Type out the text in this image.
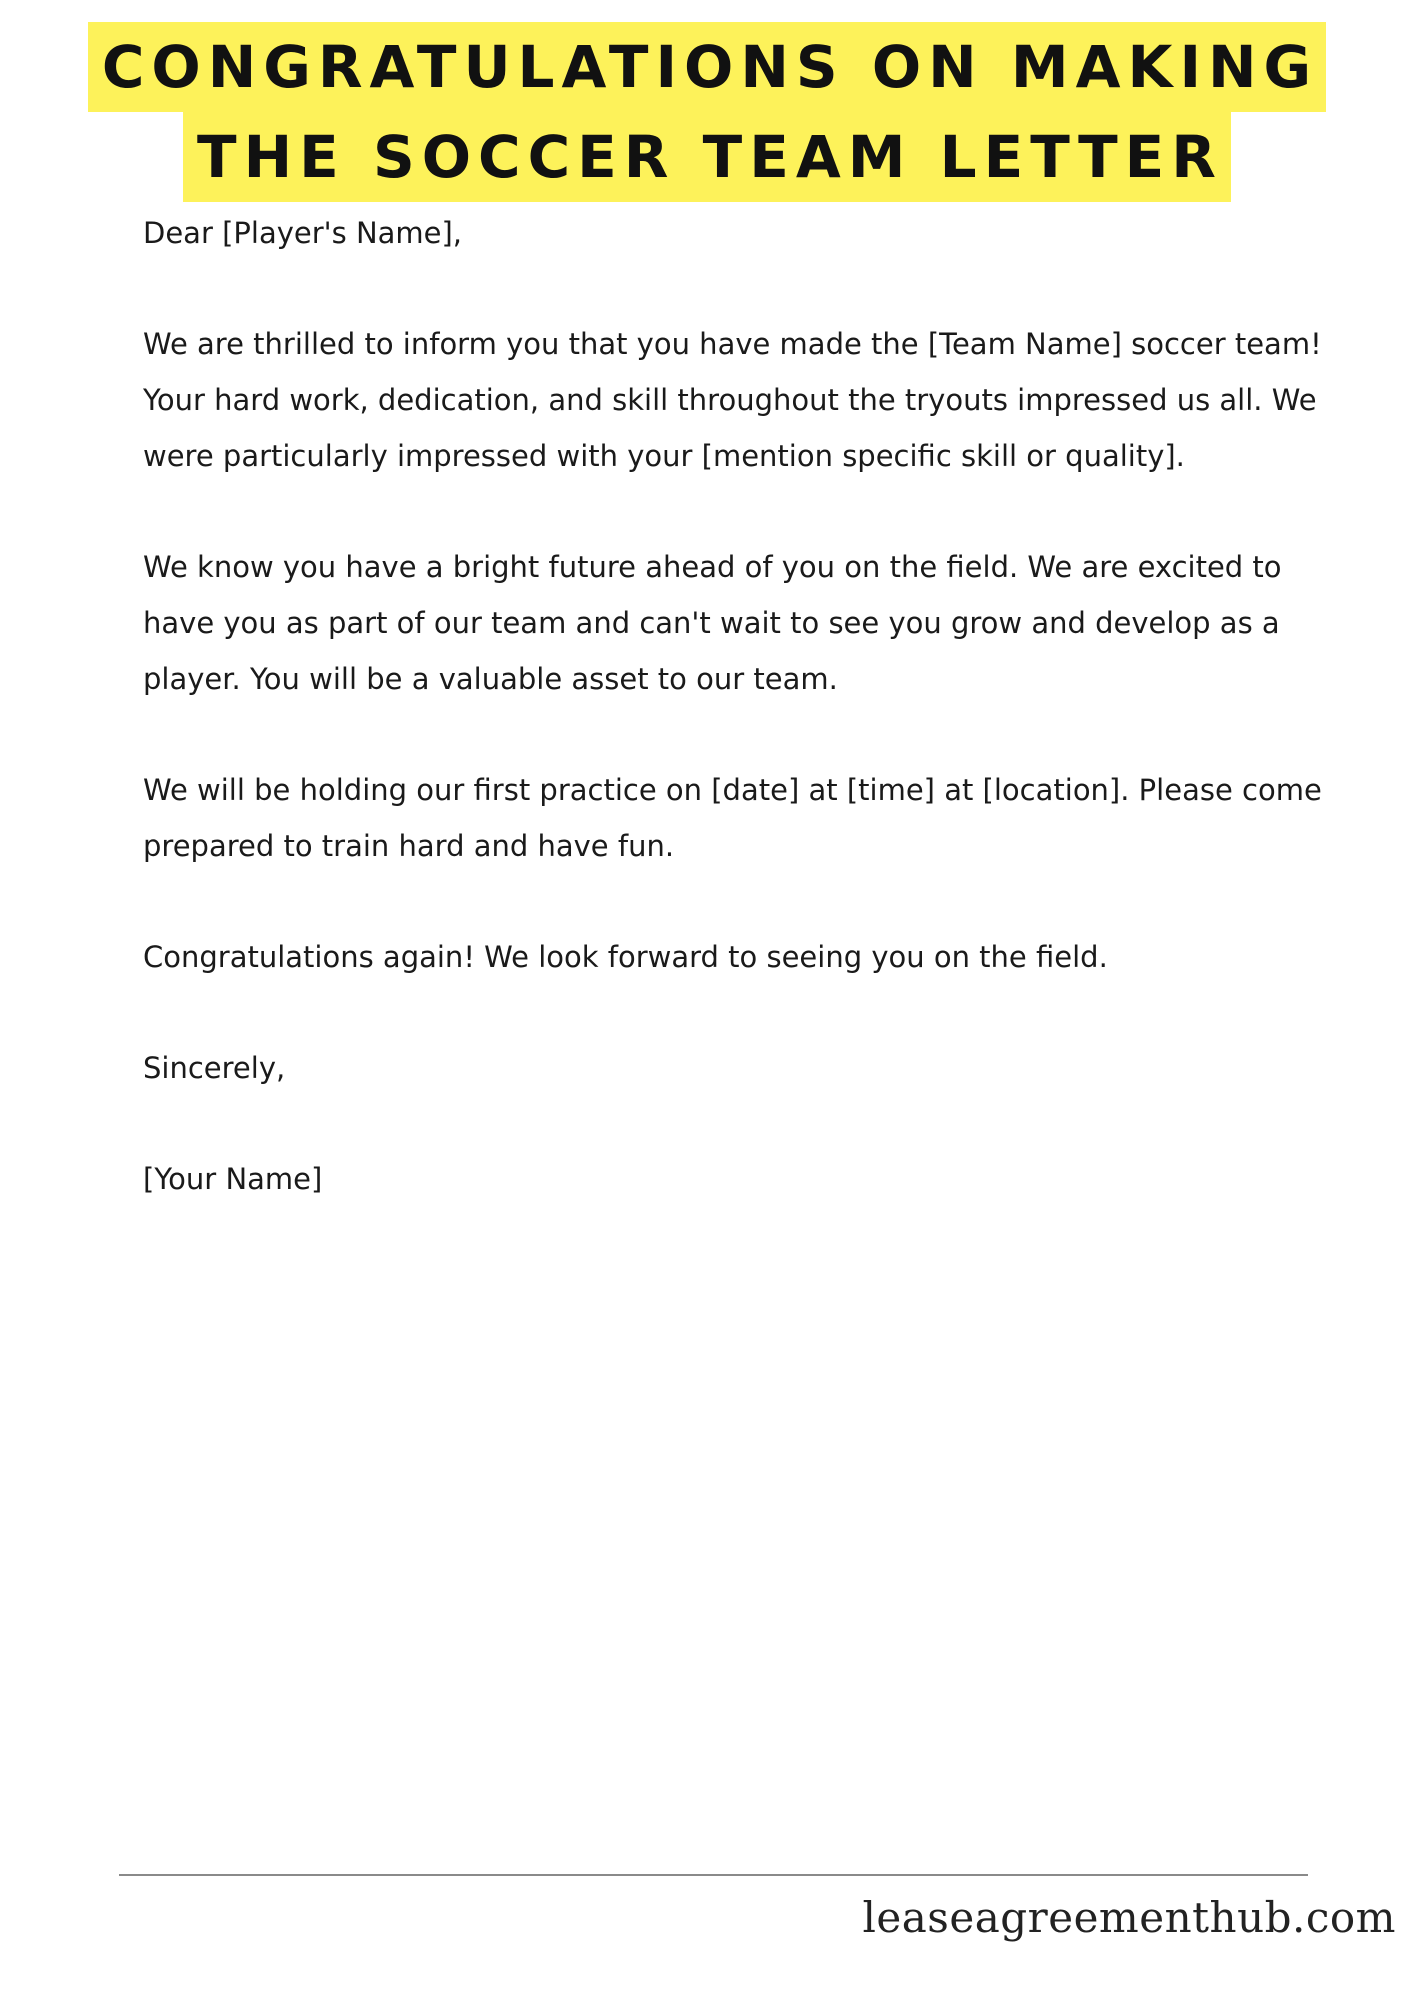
CONGRATULATIONS ON MAKING
THE SOCCER TEAM LETTER

Dear [Player's Name],

We are thrilled to inform you that you have made the [Team Name] soccer team! Your hard work, dedication, and skill throughout the tryouts impressed us all. We were particularly impressed with your [mention specific skill or quality].

We know you have a bright future ahead of you on the field. We are excited to have you as part of our team and can't wait to see you grow and develop as a player. You will be a valuable asset to our team.

We will be holding our first practice on [date] at [time] at [location]. Please come prepared to train hard and have fun.

Congratulations again! We look forward to seeing you on the field.

Sincerely,

[Your Name]

leaseagreementhub.com
